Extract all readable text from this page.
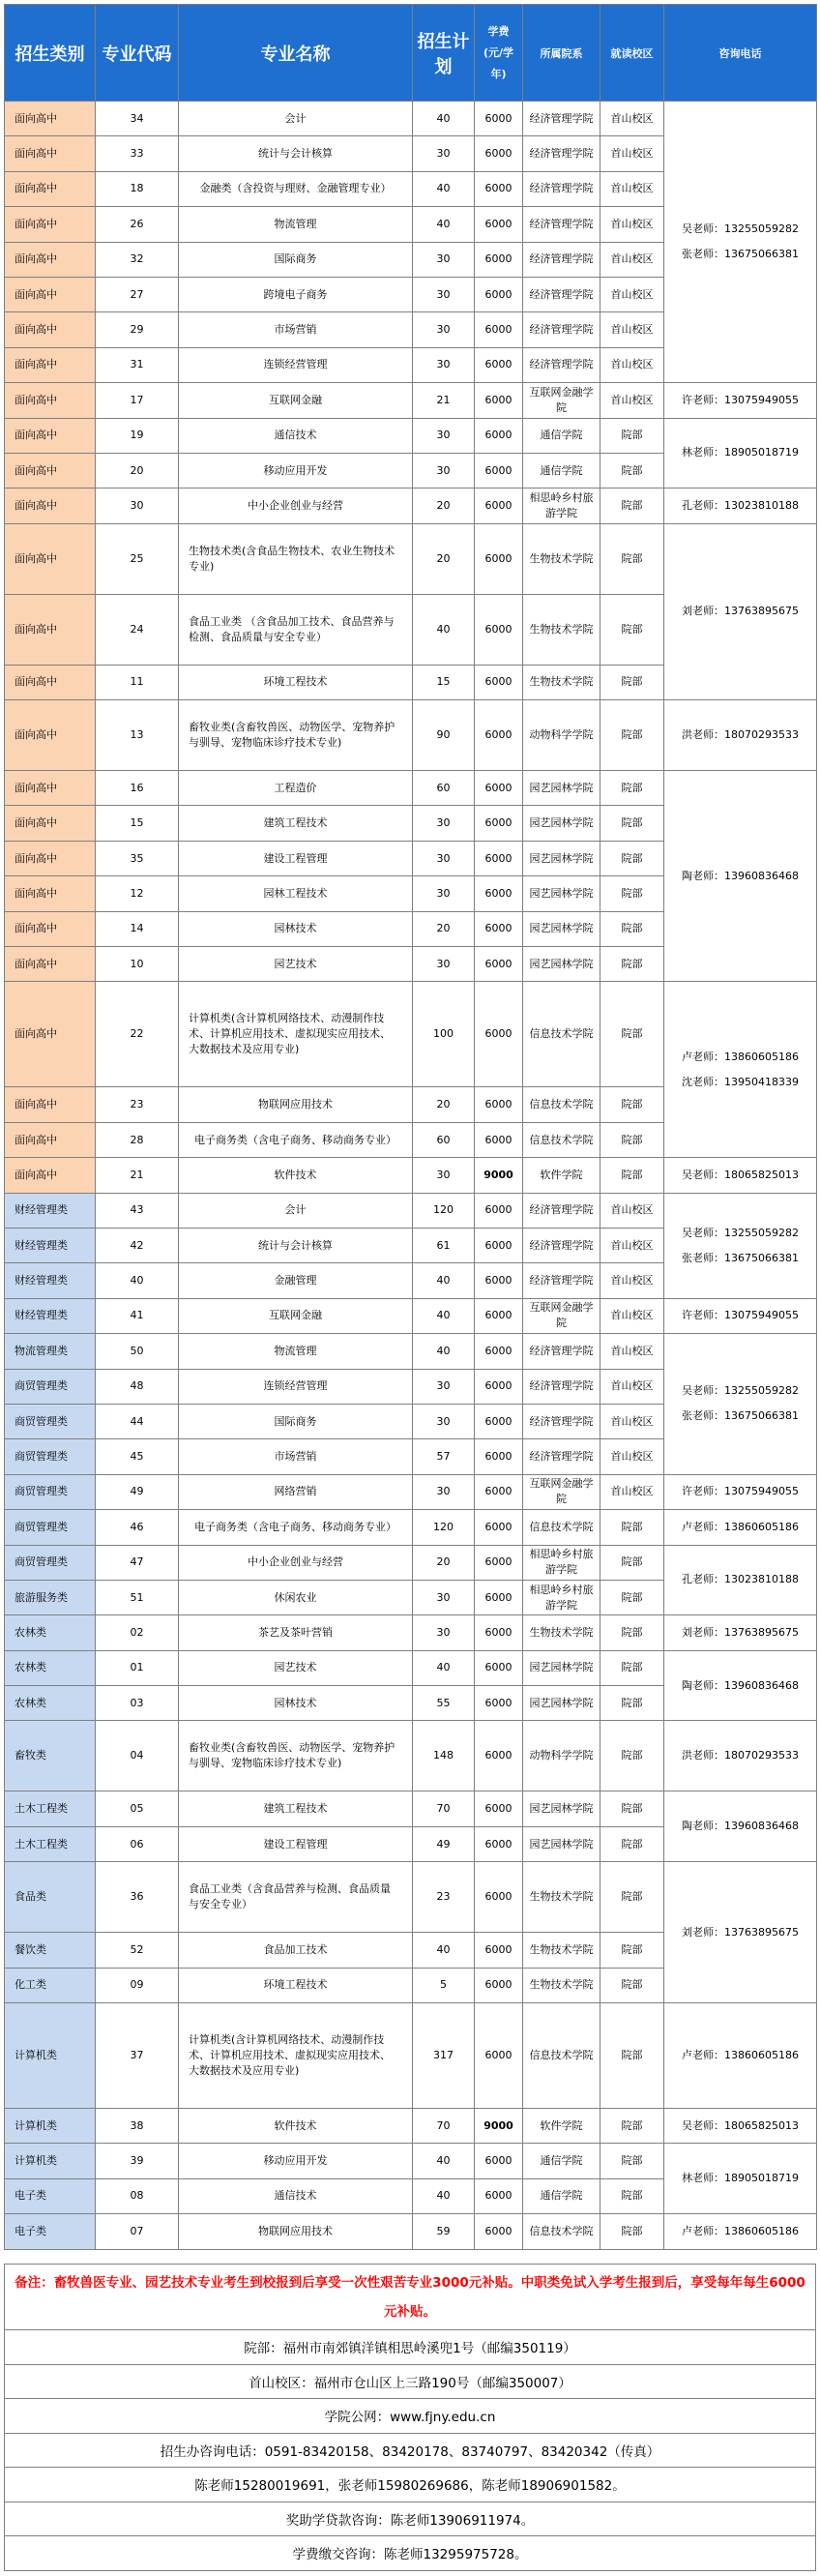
招生类别	专业代码	专业名称	招生计划	学费
(元/学
年)	所属院系	就读校区	咨询电话
面向高中	34	会计	40	6000	经济管理学院	首山校区	吴老师：13255059282
张老师：13675066381

面向高中	33	统计与会计核算	30	6000	经济管理学院	首山校区	
面向高中	18	金融类（含投资与理财、金融管理专业）	40	6000	经济管理学院	首山校区	
面向高中	26	物流管理	40	6000	经济管理学院	首山校区	
面向高中	32	国际商务	30	6000	经济管理学院	首山校区	
面向高中	27	跨境电子商务	30	6000	经济管理学院	首山校区	
面向高中	29	市场营销	30	6000	经济管理学院	首山校区	
面向高中	31	连锁经营管理	30	6000	经济管理学院	首山校区	
面向高中	17	互联网金融	21	6000	互联网金融学院	首山校区	许老师：13075949055

面向高中	19	通信技术	30	6000	通信学院	院部	林老师：18905018719

面向高中	20	移动应用开发	30	6000	通信学院	院部	
面向高中	30	中小企业创业与经营	20	6000	相思岭乡村旅游学院	院部	孔老师：13023810188

面向高中	25	生物技术类(含食品生物技术、农业生物技术
专业)	20	6000	生物技术学院	院部	刘老师：13763895675

面向高中	24	食品工业类 （含食品加工技术、食品营养与
检测、食品质量与安全专业）	40	6000	生物技术学院	院部	
面向高中	11	环境工程技术	15	6000	生物技术学院	院部	
面向高中	13	畜牧业类(含畜牧兽医、动物医学、宠物养护
与驯导、宠物临床诊疗技术专业)	90	6000	动物科学学院	院部	洪老师：18070293533

面向高中	16	工程造价	60	6000	园艺园林学院	院部	陶老师：13960836468

面向高中	15	建筑工程技术	30	6000	园艺园林学院	院部	
面向高中	35	建设工程管理	30	6000	园艺园林学院	院部	
面向高中	12	园林工程技术	30	6000	园艺园林学院	院部	
面向高中	14	园林技术	20	6000	园艺园林学院	院部	
面向高中	10	园艺技术	30	6000	园艺园林学院	院部	
面向高中	22	计算机类(含计算机网络技术、动漫制作技
术、计算机应用技术、虚拟现实应用技术、
大数据技术及应用专业)	100	6000	信息技术学院	院部	卢老师：13860605186
沈老师：13950418339

面向高中	23	物联网应用技术	20	6000	信息技术学院	院部	
面向高中	28	电子商务类（含电子商务、移动商务专业）	60	6000	信息技术学院	院部	
面向高中	21	软件技术	30	9000	软件学院	院部	吴老师：18065825013

财经管理类	43	会计	120	6000	经济管理学院	首山校区	吴老师：13255059282
张老师：13675066381

财经管理类	42	统计与会计核算	61	6000	经济管理学院	首山校区	
财经管理类	40	金融管理	40	6000	经济管理学院	首山校区	
财经管理类	41	互联网金融	40	6000	互联网金融学院	首山校区	许老师：13075949055

物流管理类	50	物流管理	40	6000	经济管理学院	首山校区	吴老师：13255059282
张老师：13675066381

商贸管理类	48	连锁经营管理	30	6000	经济管理学院	首山校区	
商贸管理类	44	国际商务	30	6000	经济管理学院	首山校区	
商贸管理类	45	市场营销	57	6000	经济管理学院	首山校区	
商贸管理类	49	网络营销	30	6000	互联网金融学院	首山校区	许老师：13075949055

商贸管理类	46	电子商务类（含电子商务、移动商务专业）	120	6000	信息技术学院	院部	卢老师：13860605186

商贸管理类	47	中小企业创业与经营	20	6000	相思岭乡村旅游学院	院部	孔老师：13023810188

旅游服务类	51	休闲农业	30	6000	相思岭乡村旅游学院	院部	
农林类	02	茶艺及茶叶营销	30	6000	生物技术学院	院部	刘老师：13763895675

农林类	01	园艺技术	40	6000	园艺园林学院	院部	陶老师：13960836468

农林类	03	园林技术	55	6000	园艺园林学院	院部	
畜牧类	04	畜牧业类(含畜牧兽医、动物医学、宠物养护
与驯导、宠物临床诊疗技术专业)	148	6000	动物科学学院	院部	洪老师：18070293533

土木工程类	05	建筑工程技术	70	6000	园艺园林学院	院部	陶老师：13960836468

土木工程类	06	建设工程管理	49	6000	园艺园林学院	院部	
食品类	36	食品工业类（含食品营养与检测、食品质量
与安全专业）	23	6000	生物技术学院	院部	刘老师：13763895675

餐饮类	52	食品加工技术	40	6000	生物技术学院	院部	
化工类	09	环境工程技术	5	6000	生物技术学院	院部	
计算机类	37	计算机类(含计算机网络技术、动漫制作技
术、计算机应用技术、虚拟现实应用技术、
大数据技术及应用专业)	317	6000	信息技术学院	院部	卢老师：13860605186

计算机类	38	软件技术	70	9000	软件学院	院部	吴老师：18065825013

计算机类	39	移动应用开发	40	6000	通信学院	院部	林老师：18905018719

电子类	08	通信技术	40	6000	通信学院	院部	
电子类	07	物联网应用技术	59	6000	信息技术学院	院部	卢老师：13860605186
备注：畜牧兽医专业、园艺技术专业考生到校报到后享受一次性艰苦专业3000元补贴。中职类免试入学考生报到后，享受每年每生6000元补贴。
院部：福州市南郊镇洋镇相思岭溪兜1号（邮编350119）
首山校区：福州市仓山区上三路190号（邮编350007）
学院公网：www.fjny.edu.cn
招生办咨询电话：0591-83420158、83420178、83740797、83420342（传真）
陈老师15280019691，张老师15980269686，陈老师18906901582。
奖助学贷款咨询：陈老师13906911974。
学费缴交咨询：陈老师13295975728。
